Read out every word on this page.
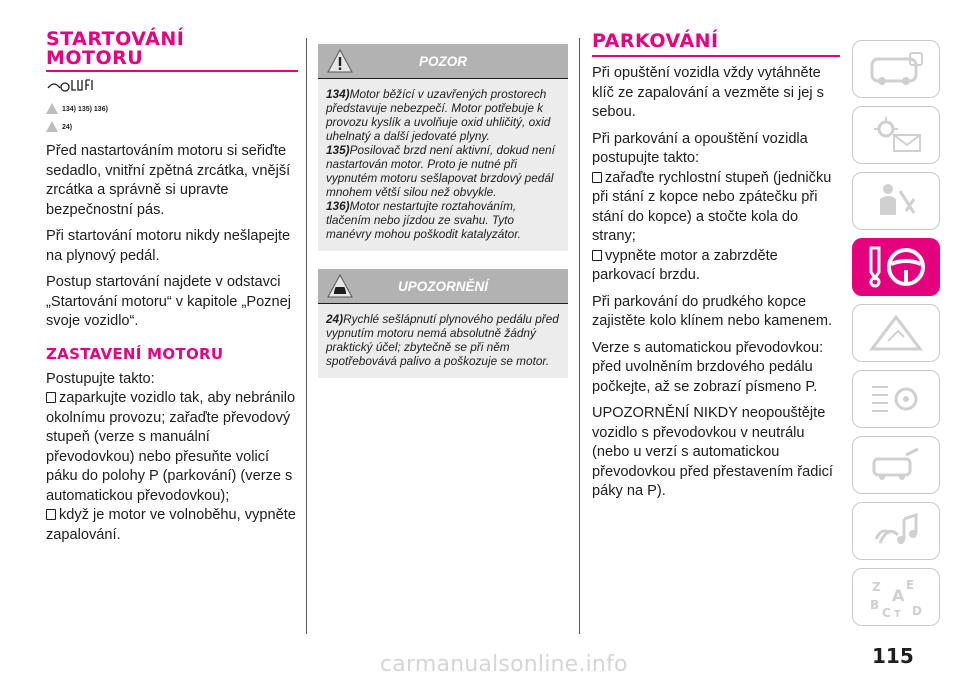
STARTOVÁNÍ
MOTORU
134) 135) 136)
24)
Před nastartováním motoru si seřiďte sedadlo, vnitřní zpětná zrcátka, vnější zrcátka a správně si upravte bezpečnostní pás.
Při startování motoru nikdy nešlapejte na plynový pedál.
Postup startování najdete v odstavci „Startování motoru“ v kapitole „Poznej svoje vozidlo“.
ZASTAVENÍ MOTORU
Postupujte takto:
zaparkujte vozidlo tak, aby nebránilo okolnímu provozu; zařaďte převodový stupeň (verze s manuální převodovkou) nebo přesuňte volicí páku do polohy P (parkování) (verze s automatickou převodovkou);
když je motor ve volnoběhu, vypněte zapalování.
POZOR
134)Motor běžící v uzavřených prostorech představuje nebezpečí. Motor potřebuje k provozu kyslík a uvolňuje oxid uhličitý, oxid uhelnatý a další jedovaté plyny.
135)Posilovač brzd není aktivní, dokud není nastartován motor. Proto je nutné při vypnutém motoru sešlapovat brzdový pedál mnohem větší silou než obvykle.
136)Motor nestartujte roztahováním, tlačením nebo jízdou ze svahu. Tyto manévry mohou poškodit katalyzátor.
UPOZORNĚNÍ
24)Rychlé sešlápnutí plynového pedálu před vypnutím motoru nemá absolutně žádný praktický účel; zbytečně se při něm spotřebovává palivo a poškozuje se motor.
PARKOVÁNÍ
Při opuštění vozidla vždy vytáhněte klíč ze zapalování a vezměte si jej s sebou.
Při parkování a opouštění vozidla postupujte takto:
zařaďte rychlostní stupeň (jedničku při stání z kopce nebo zpátečku při stání do kopce) a stočte kola do strany;
vypněte motor a zabrzděte parkovací brzdu.
Při parkování do prudkého kopce zajistěte kolo klínem nebo kamenem.
Verze s automatickou převodovkou: před uvolněním brzdového pedálu počkejte, až se zobrazí písmeno P.
UPOZORNĚNÍ NIKDY neopouštějte vozidlo s převodovkou v neutrálu (nebo u verzí s automatickou převodovkou před přestavením řadicí páky na P).
Z E
A
B
C T D
115
carmanualsonline.info
